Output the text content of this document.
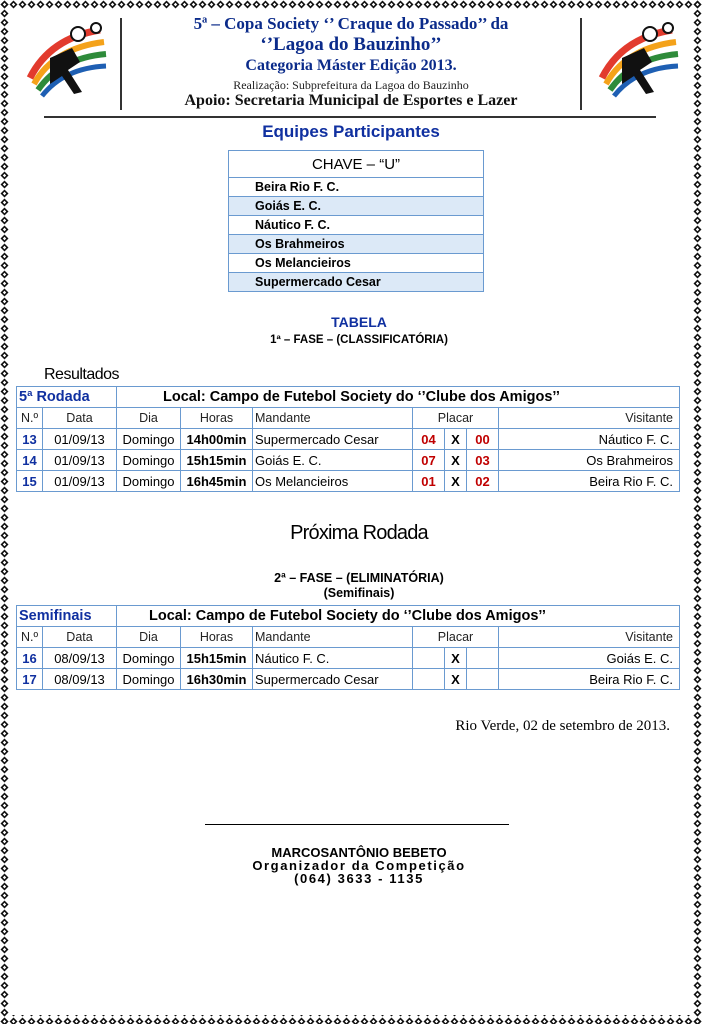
5ª – Copa Society ‘’ Craque do Passado’’ da
‘’Lagoa do Bauzinho’’
Categoria Máster Edição 2013.
Realização: Subprefeitura da Lagoa do Bauzinho
Apoio: Secretaria Municipal de Esportes e Lazer
Equipes Participantes
CHAVE – “U”
Beira Rio F. C.
Goiás E. C.
Náutico F. C.
Os Brahmeiros
Os Melancieiros
Supermercado Cesar
TABELA
1ª – FASE – (CLASSIFICATÓRIA)
Resultados
5ª Rodada		Local: Campo de Futebol Society do ‘’Clube dos Amigos’’						
N.º	Data	Dia	Horas	Mandante	Placar			Visitante
13	01/09/13	Domingo	14h00min	Supermercado Cesar	04	X	00	Náutico F. C.
14	01/09/13	Domingo	15h15min	Goiás E. C.	07	X	03	Os Brahmeiros
15	01/09/13	Domingo	16h45min	Os Melancieiros	01	X	02	Beira Rio F. C.
Próxima Rodada
2ª – FASE – (ELIMINATÓRIA)
(Semifinais)
Semifinais		Local: Campo de Futebol Society do ‘’Clube dos Amigos’’						
N.º	Data	Dia	Horas	Mandante	Placar			Visitante
16	08/09/13	Domingo	15h15min	Náutico F. C.		X		Goiás E. C.
17	08/09/13	Domingo	16h30min	Supermercado Cesar		X		Beira Rio F. C.
Rio Verde, 02 de setembro de 2013.
MARCOSANTÔNIO BEBETO
Organizador da Competição
(064) 3633 - 1135
